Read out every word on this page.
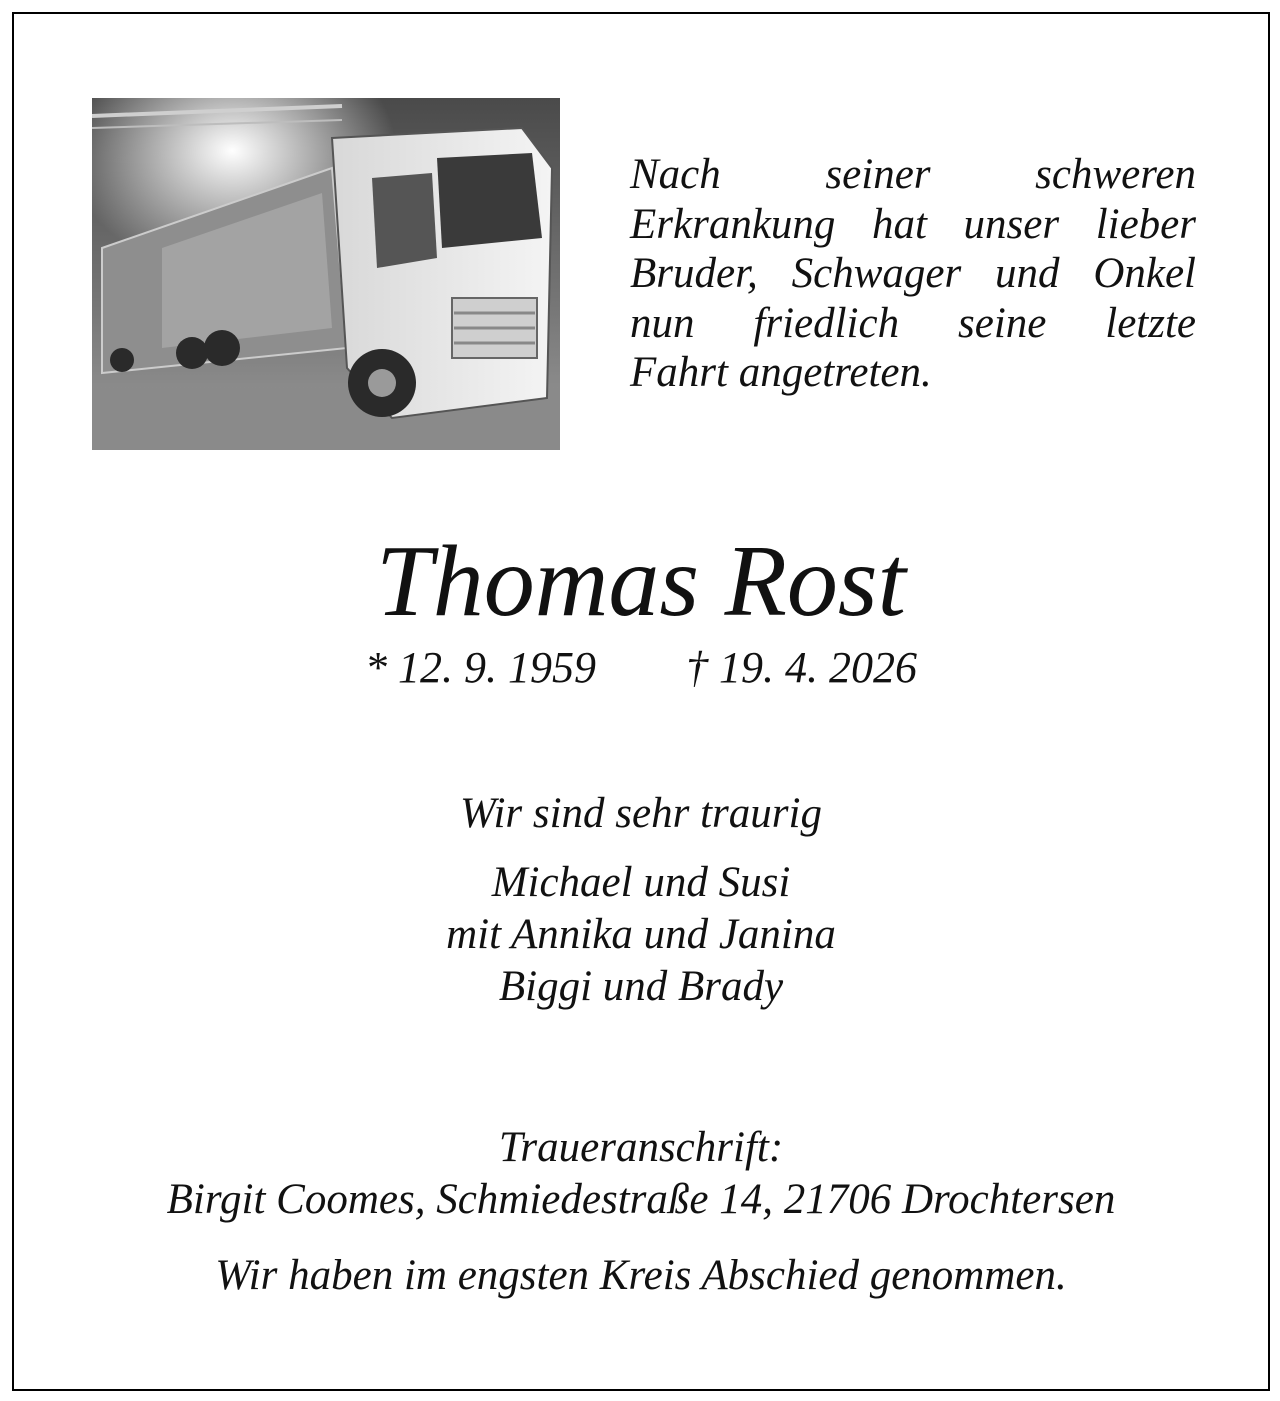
Nach seiner schweren
Erkrankung hat unser lieber
Bruder, Schwager und Onkel
nun friedlich seine letzte
Fahrt angetreten.
Thomas Rost
* 12. 9. 1959 † 19. 4. 2026
Wir sind sehr traurig
Michael und Susi
mit Annika und Janina
Biggi und Brady
Traueranschrift:
Birgit Coomes, Schmiedestraße 14, 21706 Drochtersen
Wir haben im engsten Kreis Abschied genommen.
